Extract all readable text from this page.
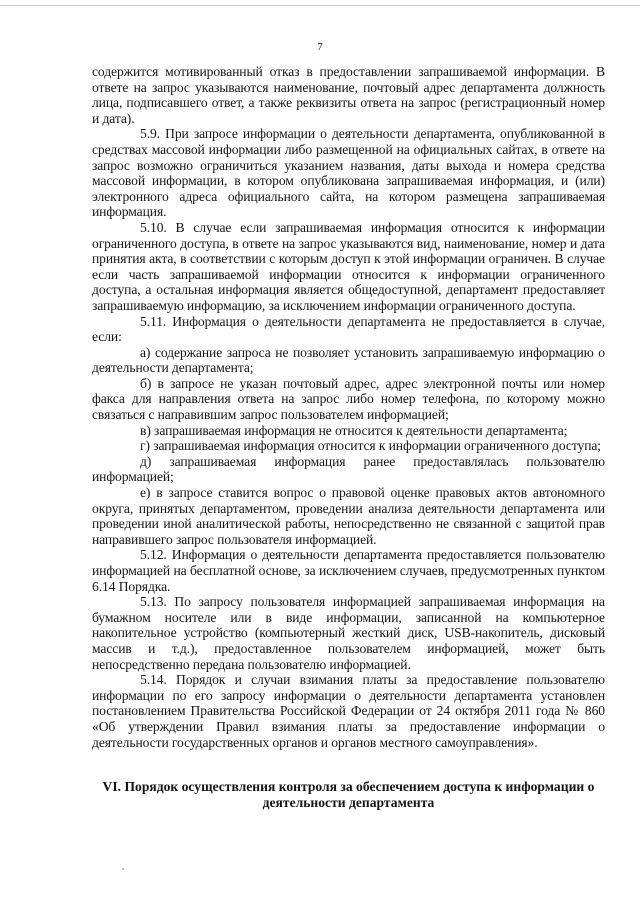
7

содержится мотивированный отказ в предоставлении запрашиваемой информации. В ответе на запрос указываются наименование, почтовый адрес департамента должность лица, подписавшего ответ, а также реквизиты ответа на запрос (регистрационный номер и дата).

5.9. При запросе информации о деятельности департамента, опубликованной в средствах массовой информации либо размещенной на официальных сайтах, в ответе на запрос возможно ограничиться указанием названия, даты выхода и номера средства массовой информации, в котором опубликована запрашиваемая информация, и (или) электронного адреса официального сайта, на котором размещена запрашиваемая информация.

5.10. В случае если запрашиваемая информация относится к информации ограниченного доступа, в ответе на запрос указываются вид, наименование, номер и дата принятия акта, в соответствии с которым доступ к этой информации ограничен. В случае если часть запрашиваемой информации относится к информации ограниченного доступа, а остальная информация является общедоступной, департамент предоставляет запрашиваемую информацию, за исключением информации ограниченного доступа.

5.11. Информация о деятельности департамента не предоставляется в случае, если:

а) содержание запроса не позволяет установить запрашиваемую информацию о деятельности департамента;

б) в запросе не указан почтовый адрес, адрес электронной почты или номер факса для направления ответа на запрос либо номер телефона, по которому можно связаться с направившим запрос пользователем информацией;

в) запрашиваемая информация не относится к деятельности департамента;

г) запрашиваемая информация относится к информации ограниченного доступа;

д) запрашиваемая информация ранее предоставлялась пользователю информацией;

е) в запросе ставится вопрос о правовой оценке правовых актов автономного округа, принятых департаментом, проведении анализа деятельности департамента или проведении иной аналитической работы, непосредственно не связанной с защитой прав направившего запрос пользователя информацией.

5.12. Информация о деятельности департамента предоставляется пользователю информацией на бесплатной основе, за исключением случаев, предусмотренных пунктом 6.14 Порядка.

5.13. По запросу пользователя информацией запрашиваемая информация на бумажном носителе или в виде информации, записанной на компьютерное накопительное устройство (компьютерный жесткий диск, USB-накопитель, дисковый массив и т.д.), предоставленное пользователем информацией, может быть непосредственно передана пользователю информацией.

5.14. Порядок и случаи взимания платы за предоставление пользователю информации по его запросу информации о деятельности департамента установлен постановлением Правительства Российской Федерации от 24 октября 2011 года № 860 «Об утверждении Правил взимания платы за предоставление информации о деятельности государственных органов и органов местного самоуправления».

VI. Порядок осуществления контроля за обеспечением доступа к информации о деятельности департамента
